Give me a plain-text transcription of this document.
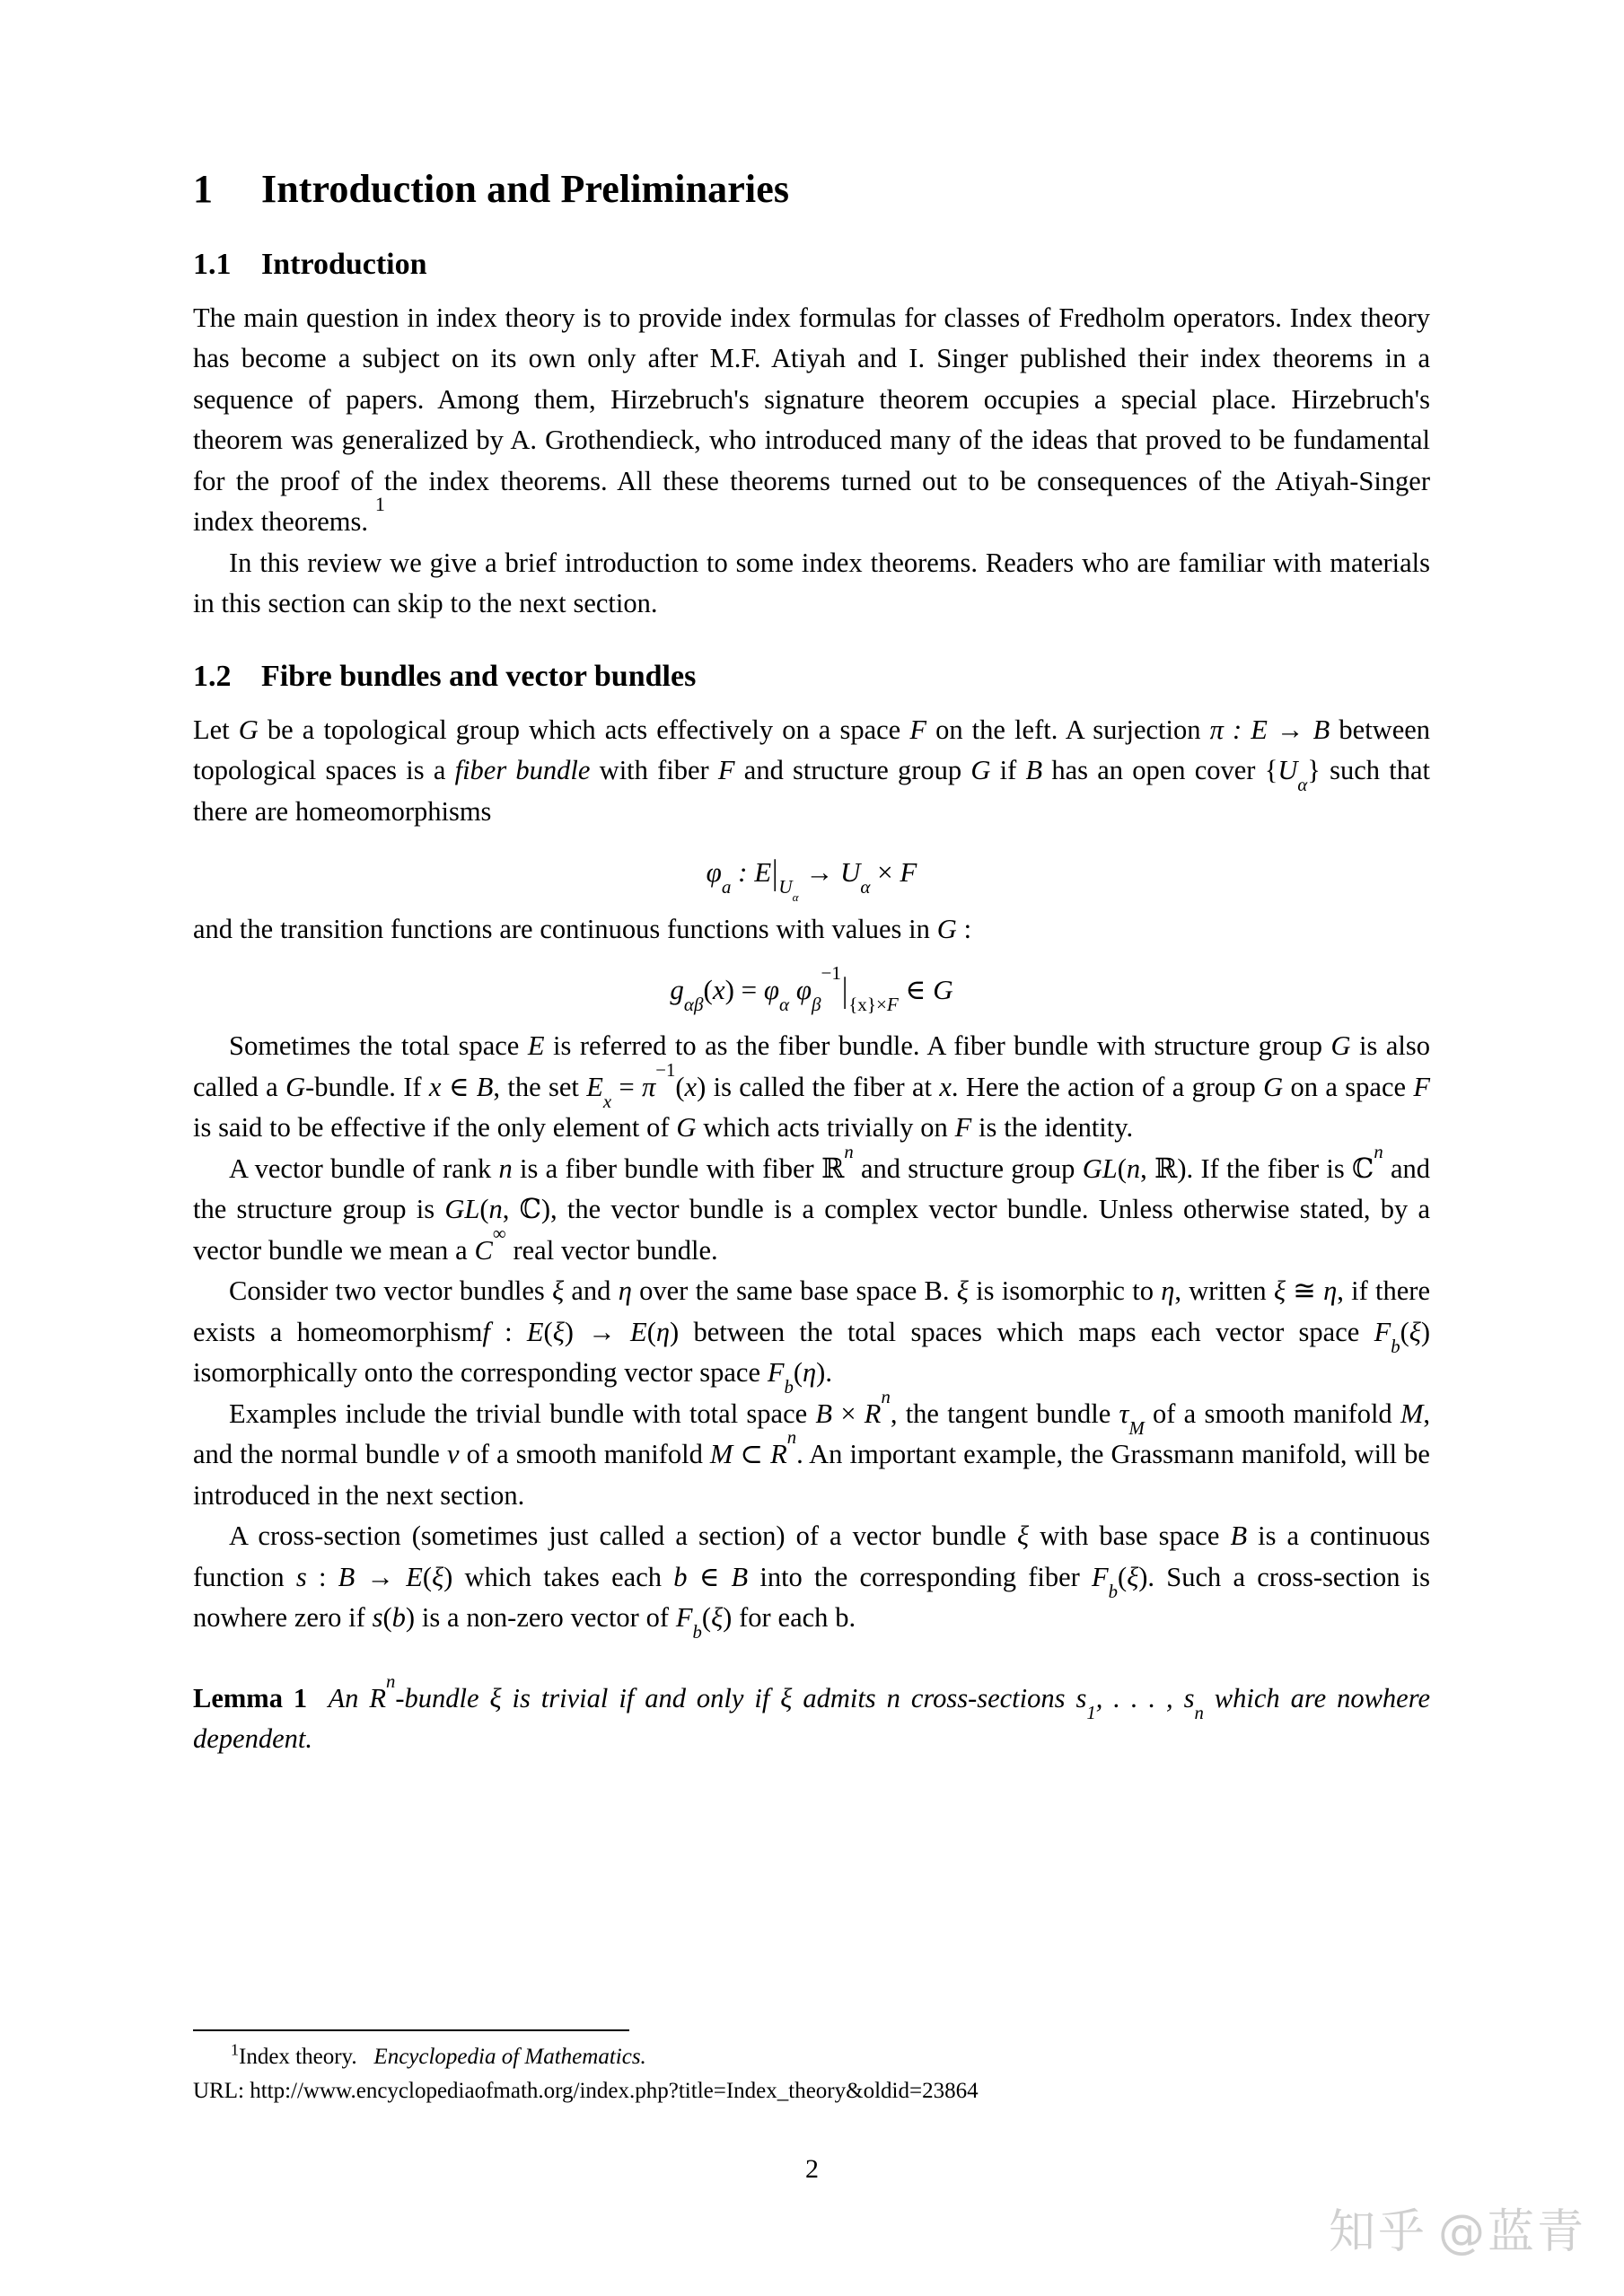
1 Introduction and Preliminaries
1.1 Introduction

The main question in index theory is to provide index formulas for classes of Fredholm operators. Index theory has become a subject on its own only after M.F. Atiyah and I. Singer published their index theorems in a sequence of papers. Among them, Hirzebruch's signature theorem occupies a special place. Hirzebruch's theorem was generalized by A. Grothendieck, who introduced many of the ideas that proved to be fundamental for the proof of the index theorems. All these theorems turned out to be consequences of the Atiyah-Singer index theorems. $^1$

In this review we give a brief introduction to some index theorems. Readers who are familiar with materials in this section can skip to the next section.

1.2 Fibre bundles and vector bundles

Let G be a topological group which acts effectively on a space F on the left. A surjection π : E → B between topological spaces is a fiber bundle with fiber F and structure group G if B has an open cover $\{U_\alpha\}$ such that there are homeomorphisms

$\varphi_a$ : $E|_{U_\alpha} \to U_\alpha \times F$

and the transition functions are continuous functions with values in G :

$g_{\alpha\beta}(x) = \varphi_\alpha$ $\varphi_\beta^{-1}|_{\{x\}\times F}$ ∈ G

Sometimes the total space E is referred to as the fiber bundle. A fiber bundle with structure group G is also called a G-bundle. If x ∈ B, the set $E_x = \pi^{-1}(x)$ is called the fiber at x. Here the action of a group G on a space F is said to be effective if the only element of G which acts trivially on F is the identity.

A vector bundle of rank n is a fiber bundle with fiber ℝ$^n$ and structure group GL(n, ℝ). If the fiber is ℂ$^n$ and the structure group is GL(n, ℂ), the vector bundle is a complex vector bundle. Unless otherwise stated, by a vector bundle we mean a C∞ real vector bundle.

Consider two vector bundles ξ and η over the same base space B. ξ is isomorphic to η, written ξ ≅ η, if there exists a homeomorphismf : E(ξ) → E(η) between the total spaces which maps each vector space $F_b(\xi)$ isomorphically onto the corresponding vector space $F_b(\eta)$.

Examples include the trivial bundle with total space $B \times R^n$, the tangent bundle $\tau_M$ of a smooth manifold M, and the normal bundle ν of a smooth manifold M ⊂ $R^n$. An important example, the Grassmann manifold, will be introduced in the next section.

A cross-section (sometimes just called a section) of a vector bundle ξ with base space B is a continuous function s : B → E(ξ) which takes each b ∈ B into the corresponding fiber $F_b(\xi)$. Such a cross-section is nowhere zero if s(b) is a non-zero vector of $F_b(\xi)$ for each b.

Lemma 1  An $R^n$-bundle ξ is trivial if and only if ξ admits n cross-sections $s_1$, . . . , $s_n$ which are nowhere dependent.

$^1$Index theory. Encyclopedia of Mathematics.

URL: http://www.encyclopediaofmath.org/index.php?title=Index_theory&oldid=23864

2
知乎 @蓝青
